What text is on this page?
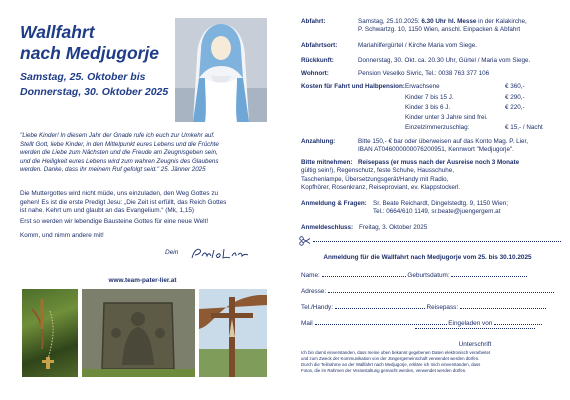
Wallfahrt
nach Medjugorje
Samstag, 25. Oktober bis
Donnerstag, 30. Oktober 2025
"Liebe Kinder! In diesem Jahr der Gnade rufe ich euch zur Umkehr auf.
Stellt Gott, liebe Kinder, in den Mittelpunkt eures Lebens und die Früchte
werden die Liebe zum Nächsten und die Freude am Zeugnisgeben sein,
und die Heiligkeit eures Lebens wird zum wahren Zeugnis des Glaubens
werden. Danke, dass ihr meinem Ruf gefolgt seid." 25. Jänner 2025
Die Muttergottes wird nicht müde, uns einzuladen, den Weg Gottes zu
gehen! Es ist die erste Predigt Jesu: „Die Zeit ist erfüllt, das Reich Gottes
ist nahe. Kehrt um und glaubt an das Evangelium.“ (Mk, 1,15)
Erst so werden wir lebendige Bausteine Gottes für eine neue Welt!
Komm, und nimm andere mit!
Dein
www.team-pater-lier.at
Abfahrt:	Samstag, 25.10.2025: 6.30 Uhr hl. Messe in der Kalakirche,
P. Schwartzg. 10, 1150 Wien, anschl. Einpacken & Abfahrt
Abfahrtsort:	Mariahilfergürtel / Kirche Maria vom Siege.
Rückkunft:	Donnerstag, 30. Okt. ca. 20.30 Uhr, Gürtel / Maria vom Siege.
Wohnort:	Pension Veselko Sivric, Tel.: 0038 763 377 106
Kosten für Fahrt und Halbpension: Erwachsene	€ 360,-
Kinder 7 bis 15 J.	€ 290,-
Kinder 3 bis 6 J.	€ 220,-
Kinder unter 3 Jahre sind frei.
Einzelzimmerzuschlag:	€ 15,- / Nacht
Anzahlung:	Bitte 150,- € bar oder überweisen auf das Konto Mag. P. Lier,
IBAN AT046000000076200951, Kennwort "Medjugorje".
Bitte mitnehmen: Reisepass (er muss nach der Ausreise noch 3 Monate
gültig sein!), Regenschutz, feste Schuhe, Hausschuhe,
Taschenlampe, Übersetzungsgerät/Handy mit Radio,
Kopfhörer, Rosenkranz, Reiseproviant, ev. Klappstockerl.
Anmeldung & Fragen: Sr. Beate Reichardt, Dingelstedtg. 9, 1150 Wien;
Tel.: 0664/610 1149, sr.beate@juengergem.at
Anmeldeschluss: Freitag, 3. Oktober 2025
Anmeldung für die Wallfahrt nach Medjugorje vom 25. bis 30.10.2025
Name:	Geburtsdatum:
Adresse:
Tel./Handy:	Reisepass:
Mail	Eingeladen von
Unterschrift
Ich bin damit einverstanden, dass meine oben bekannt gegebenen Daten elektronisch verarbeitet
und zum Zweck der Kommunikation von der Jüngergemeinschaft verwendet werden dürfen.
Durch die Teilnahme an der Wallfahrt nach Medjugorje, erkläre ich mich einverstanden, dass
Fotos, die im Rahmen der Veranstaltung gemacht werden, verwendet werden dürfen.
